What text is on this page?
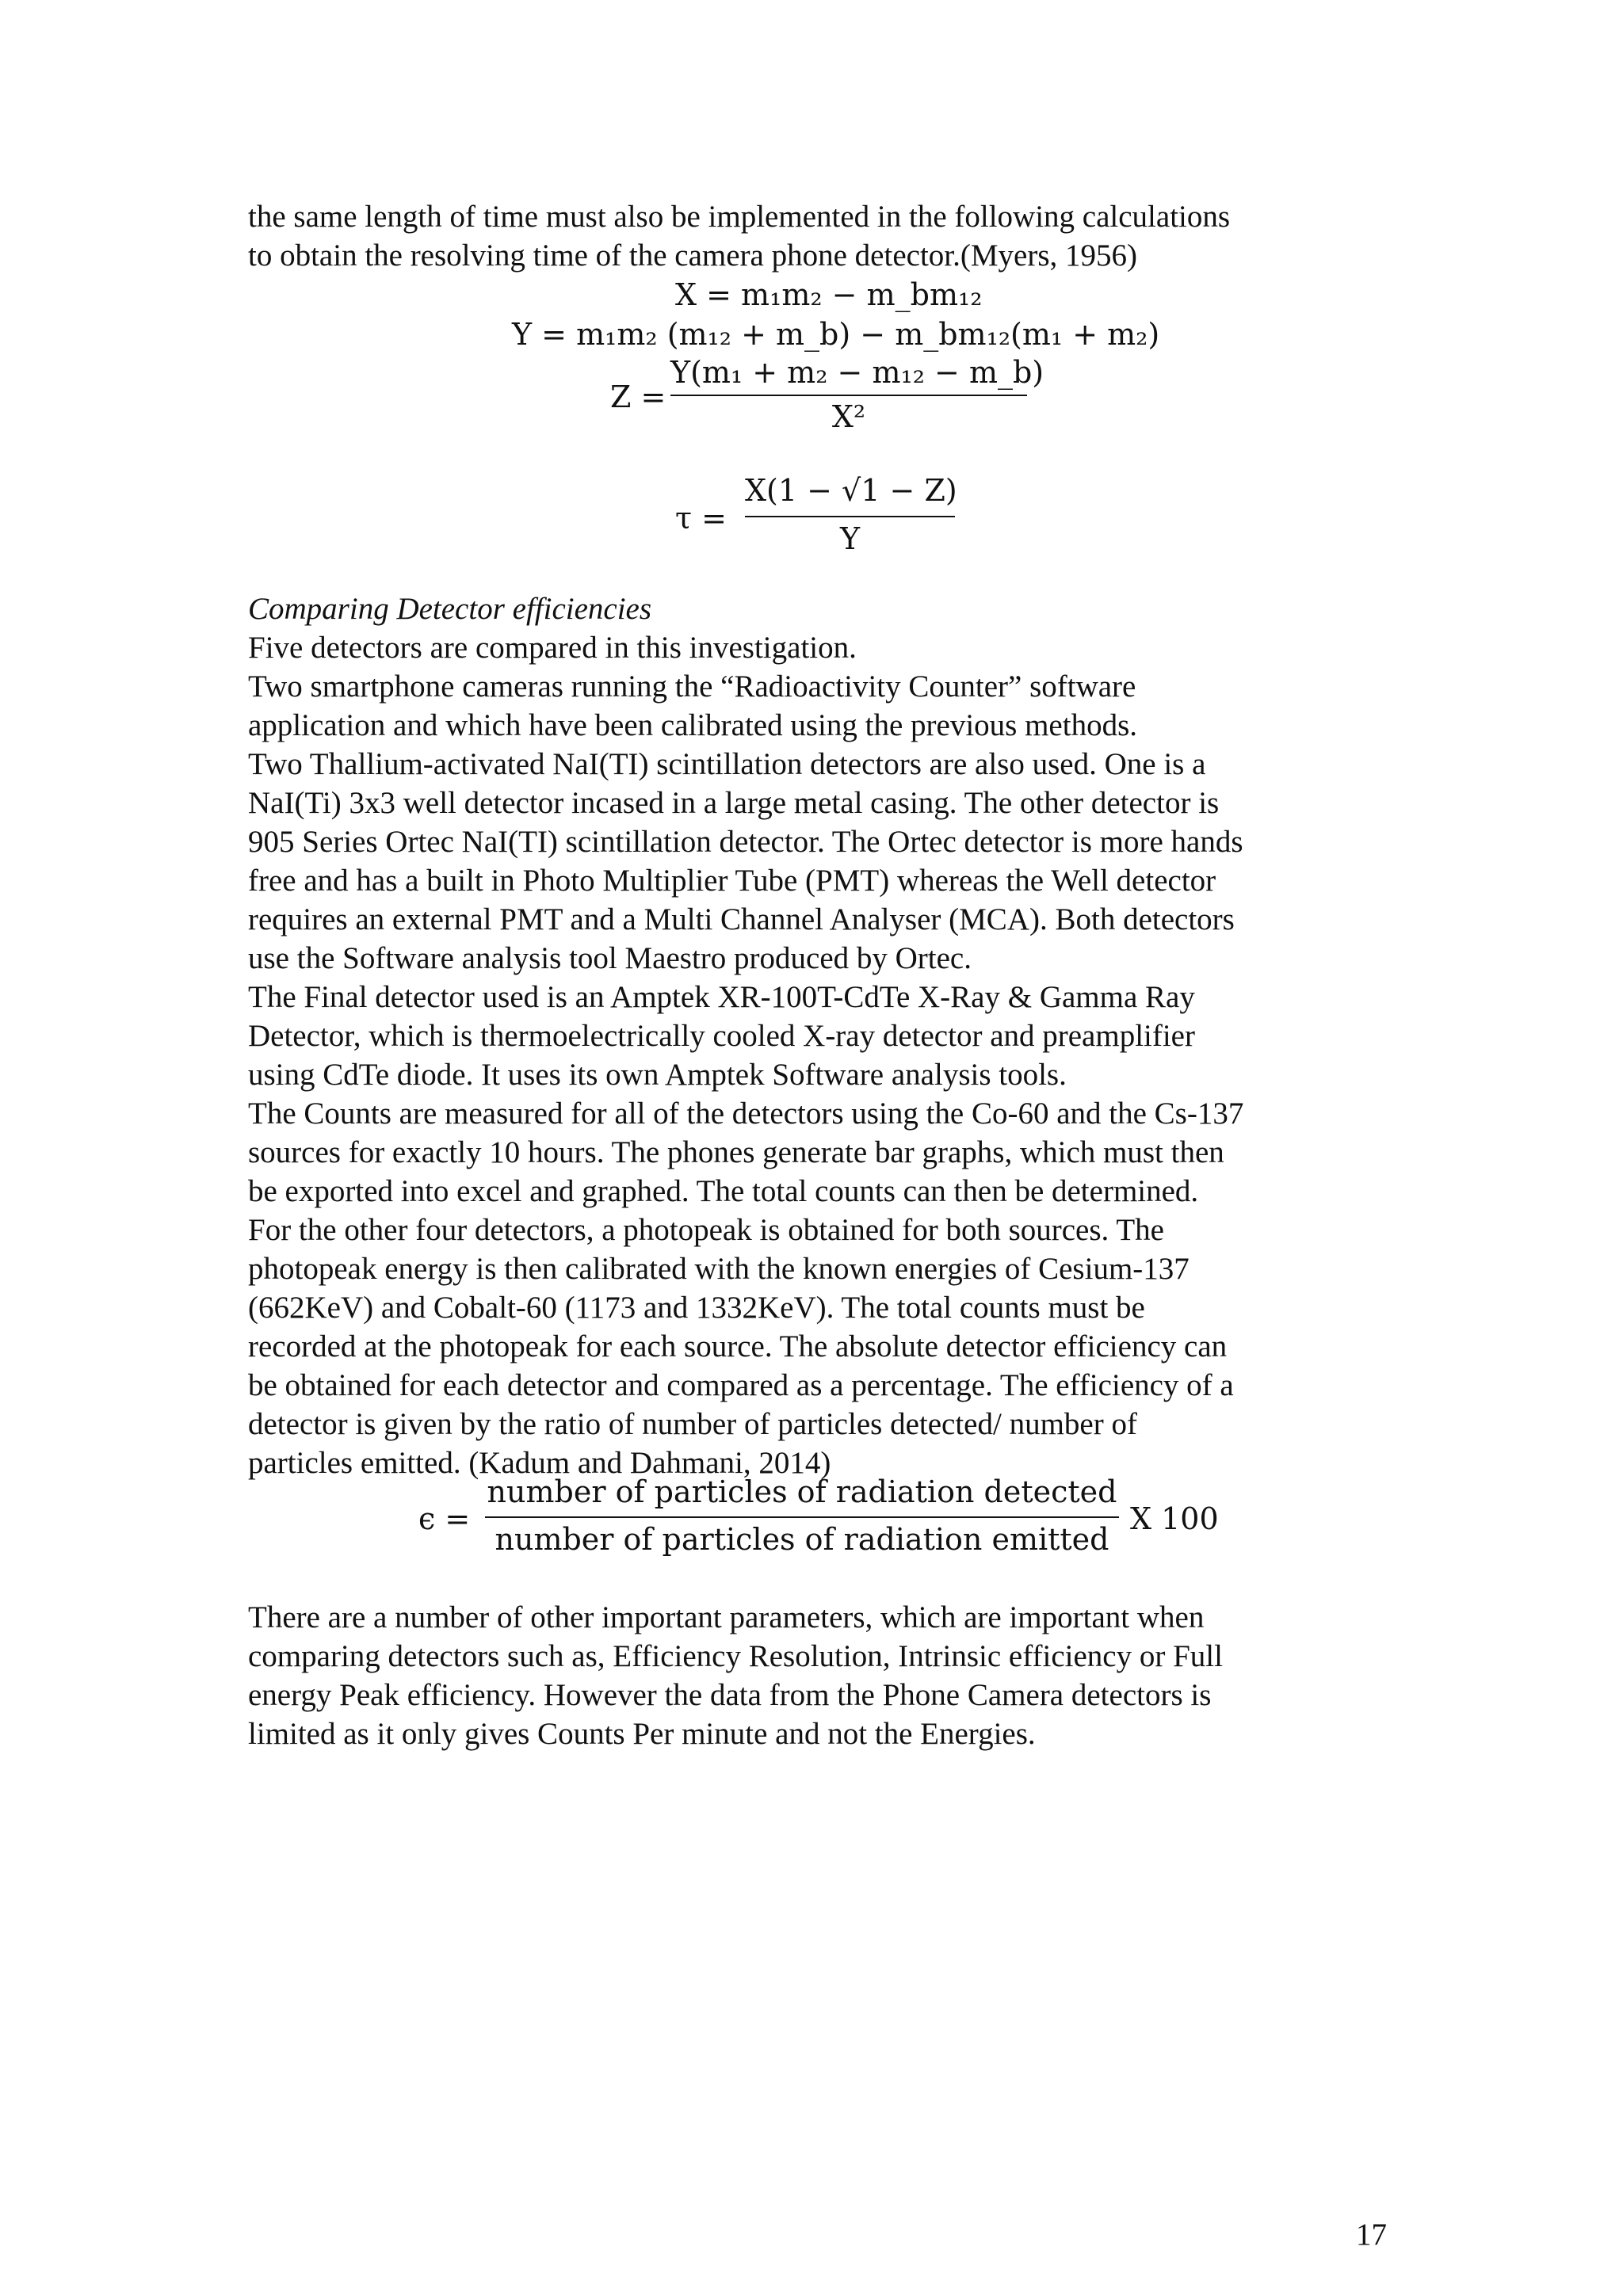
the same length of time must also be implemented in the following calculations
to obtain the resolving time of the camera phone detector.(Myers, 1956)
X = m₁m₂ − m_bm₁₂
Y = m₁m₂ (m₁₂ + m_b) − m_bm₁₂(m₁ + m₂)
Z =
Y(m₁ + m₂ − m₁₂ − m_b)
X²
τ =
X(1 − √1 − Z)
Y
Comparing Detector efficiencies
Five detectors are compared in this investigation.
Two smartphone cameras running the “Radioactivity Counter” software
application and which have been calibrated using the previous methods.
Two Thallium-activated NaI(TI) scintillation detectors are also used. One is a
NaI(Ti) 3x3 well detector incased in a large metal casing. The other detector is
905 Series Ortec NaI(TI) scintillation detector. The Ortec detector is more hands
free and has a built in Photo Multiplier Tube (PMT) whereas the Well detector
requires an external PMT and a Multi Channel Analyser (MCA). Both detectors
use the Software analysis tool Maestro produced by Ortec.
The Final detector used is an Amptek XR-100T-CdTe X-Ray & Gamma Ray
Detector, which is thermoelectrically cooled X-ray detector and preamplifier
using CdTe diode. It uses its own Amptek Software analysis tools.
The Counts are measured for all of the detectors using the Co-60 and the Cs-137
sources for exactly 10 hours. The phones generate bar graphs, which must then
be exported into excel and graphed. The total counts can then be determined.
For the other four detectors, a photopeak is obtained for both sources. The
photopeak energy is then calibrated with the known energies of Cesium-137
(662KeV) and Cobalt-60 (1173 and 1332KeV). The total counts must be
recorded at the photopeak for each source. The absolute detector efficiency can
be obtained for each detector and compared as a percentage. The efficiency of a
detector is given by the ratio of number of particles detected/ number of
particles emitted. (Kadum and Dahmani, 2014)
ϵ =
number of particles of radiation detected
number of particles of radiation emitted
X 100
There are a number of other important parameters, which are important when
comparing detectors such as, Efficiency Resolution, Intrinsic efficiency or Full
energy Peak efficiency. However the data from the Phone Camera detectors is
limited as it only gives Counts Per minute and not the Energies.
17
